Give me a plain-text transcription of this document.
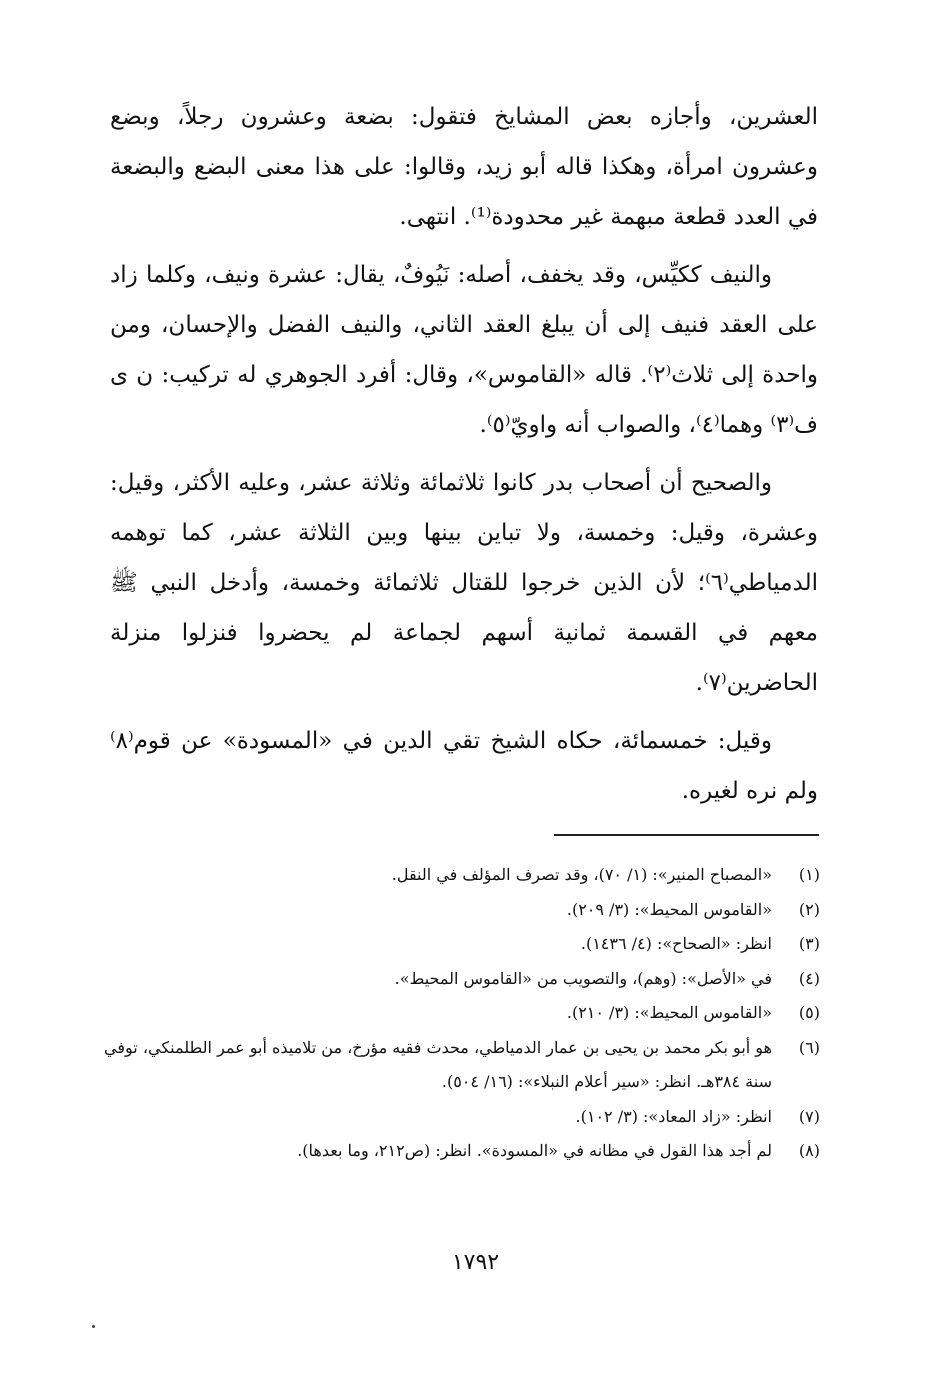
العشرين، وأجازه بعض المشايخ فتقول: بضعة وعشرون رجلاً، وبضع وعشرون امرأة، وهكذا قاله أبو زيد، وقالوا: على هذا معنى البضع والبضعة في العدد قطعة مبهمة غير محدودة⁽¹⁾. انتهى.

والنيف ككيِّس، وقد يخفف، أصله: نَيُوفٌ، يقال: عشرة ونيف، وكلما زاد على العقد فنيف إلى أن يبلغ العقد الثاني، والنيف الفضل والإحسان، ومن واحدة إلى ثلاث⁽٢⁾. قاله «القاموس»، وقال: أفرد الجوهري له تركيب: ن ى ف⁽٣⁾ وهما⁽٤⁾، والصواب أنه واويّ⁽٥⁾.

والصحيح أن أصحاب بدر كانوا ثلاثمائة وثلاثة عشر، وعليه الأكثر، وقيل: وعشرة، وقيل: وخمسة، ولا تباين بينها وبين الثلاثة عشر، كما توهمه الدمياطي⁽٦⁾؛ لأن الذين خرجوا للقتال ثلاثمائة وخمسة، وأدخل النبي ﷺ معهم في القسمة ثمانية أسهم لجماعة لم يحضروا فنزلوا منزلة الحاضرين⁽٧⁾.

وقيل: خمسمائة، حكاه الشيخ تقي الدين في «المسودة» عن قوم⁽٨⁾ ولم نره لغيره.

(١)
«المصباح المنير»: (١/ ٧٠)، وقد تصرف المؤلف في النقل.
(٢)
«القاموس المحيط»: (٣/ ٢٠٩).
(٣)
انظر: «الصحاح»: (٤/ ١٤٣٦).
(٤)
في «الأصل»: (وهم)، والتصويب من «القاموس المحيط».
(٥)
«القاموس المحيط»: (٣/ ٢١٠).
(٦)
هو أبو بكر محمد بن يحيى بن عمار الدمياطي، محدث فقيه مؤرخ، من تلاميذه أبو عمر الطلمنكي، توفي سنة ٣٨٤هـ. انظر: «سير أعلام النبلاء»: (١٦/ ٥٠٤).
(٧)
انظر: «زاد المعاد»: (٣/ ١٠٢).
(٨)
لم أجد هذا القول في مظانه في «المسودة». انظر: (ص٢١٢، وما بعدها).
١٧٩٢
